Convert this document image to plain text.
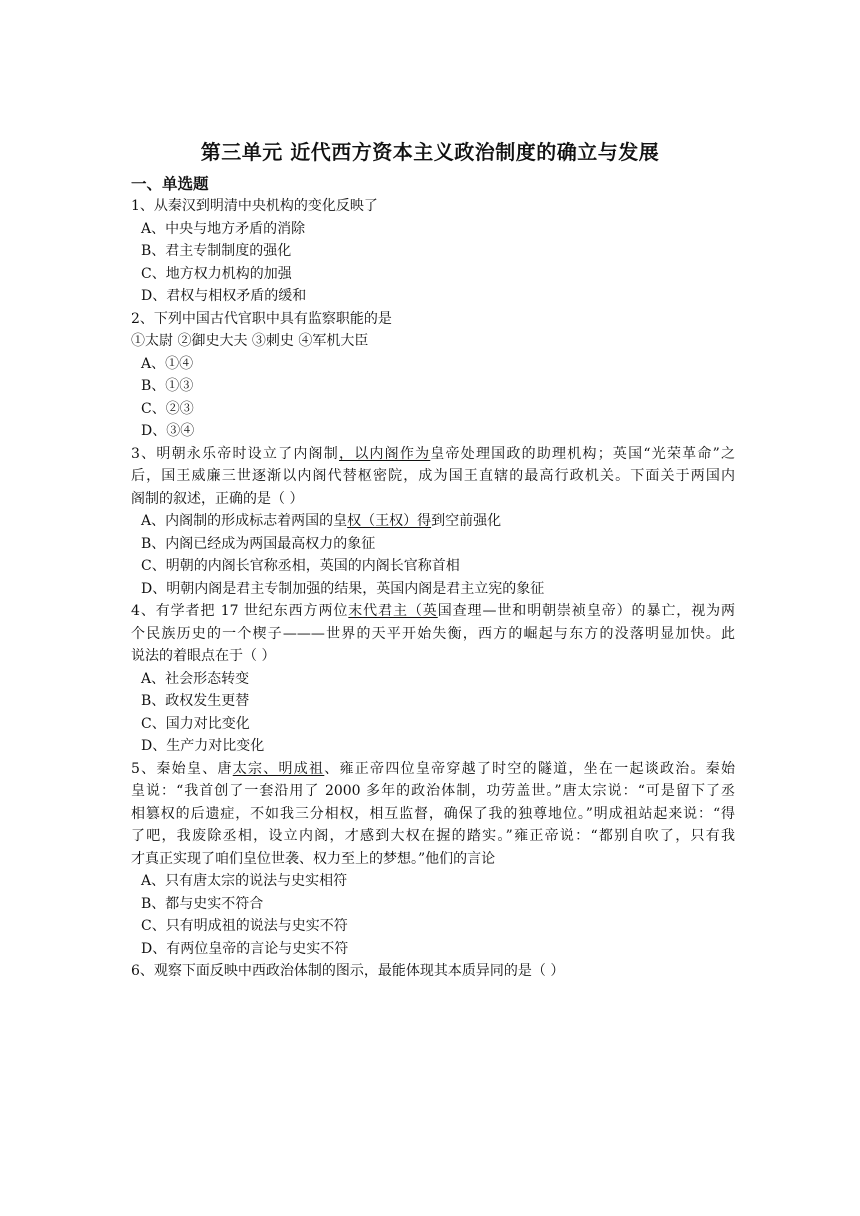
第三单元 近代西方资本主义政治制度的确立与发展
一、单选题
1、从秦汉到明清中央机构的变化反映了
A、中央与地方矛盾的消除
B、君主专制制度的强化
C、地方权力机构的加强
D、君权与相权矛盾的缓和
2、下列中国古代官职中具有监察职能的是
①太尉 ②御史大夫 ③刺史 ④军机大臣
A、①④
B、①③
C、②③
D、③④
3、明朝永乐帝时设立了内阁制，以内阁作为皇帝处理国政的助理机构；英国“光荣革命”之
后，国王威廉三世逐渐以内阁代替枢密院，成为国王直辖的最高行政机关。下面关于两国内
阁制的叙述，正确的是（ ）
A、内阁制的形成标志着两国的皇权（王权）得到空前强化
B、内阁已经成为两国最高权力的象征
C、明朝的内阁长官称丞相，英国的内阁长官称首相
D、明朝内阁是君主专制加强的结果，英国内阁是君主立宪的象征
4、有学者把 17 世纪东西方两位末代君主（英国查理—世和明朝崇祯皇帝）的暴亡，视为两
个民族历史的一个楔子———世界的天平开始失衡，西方的崛起与东方的没落明显加快。此
说法的着眼点在于（ ）
A、社会形态转变
B、政权发生更替
C、国力对比变化
D、生产力对比变化
5、秦始皇、唐太宗、明成祖、雍正帝四位皇帝穿越了时空的隧道，坐在一起谈政治。秦始
皇说：“我首创了一套沿用了 2000 多年的政治体制，功劳盖世。”唐太宗说：“可是留下了丞
相篡权的后遗症，不如我三分相权，相互监督，确保了我的独尊地位。”明成祖站起来说：“得
了吧，我废除丞相，设立内阁，才感到大权在握的踏实。”雍正帝说：“都别自吹了，只有我
才真正实现了咱们皇位世袭、权力至上的梦想。”他们的言论
A、只有唐太宗的说法与史实相符
B、都与史实不符合
C、只有明成祖的说法与史实不符
D、有两位皇帝的言论与史实不符
6、观察下面反映中西政治体制的图示，最能体现其本质异同的是（ ）
